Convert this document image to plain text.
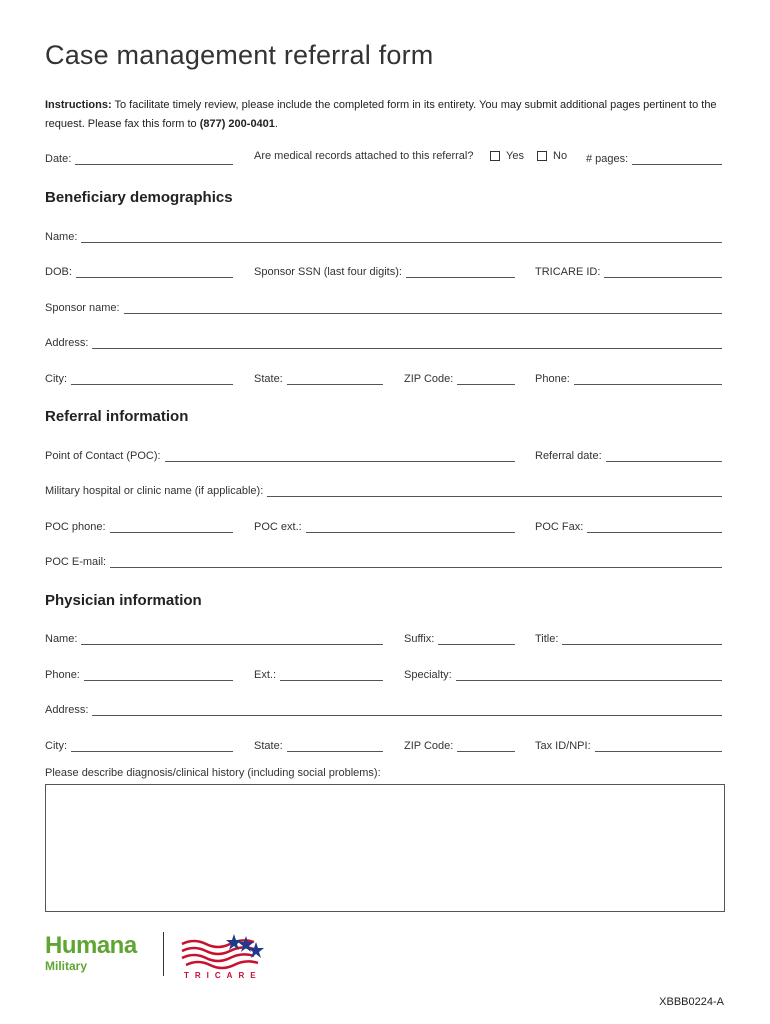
Case management referral form
Instructions: To facilitate timely review, please include the completed form in its entirety. You may submit additional pages pertinent to the request. Please fax this form to (877) 200-0401.
Date:	Are medical records attached to this referral?	Yes	No # pages:
Beneficiary demographics
Name:
DOB:	Sponsor SSN (last four digits):	TRICARE ID:
Sponsor name:
Address:
City:	State:	ZIP Code:	Phone:
Referral information
Point of Contact (POC):	Referral date:
Military hospital or clinic name (if applicable):
POC phone:	POC ext.:	POC Fax:
POC E-mail:
Physician information
Name:	Suffix:	Title:
Phone:	Ext.:	Specialty:
Address:
City:	State:	ZIP Code:	Tax ID/NPI:
Please describe diagnosis/clinical history (including social problems):
Humana
Military
TRICARE
XBBB0224-A
